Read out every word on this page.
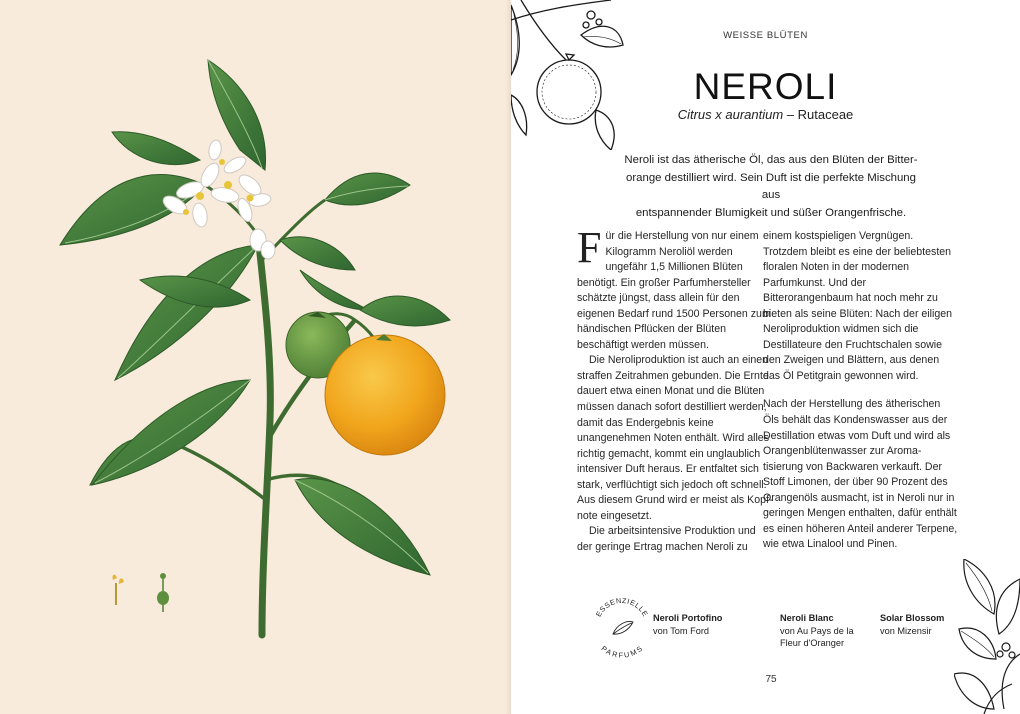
WEISSE BLÜTEN
NEROLI
Citrus x aurantium – Rutaceae
Neroli ist das ätherische Öl, das aus den Blüten der Bitter-
orange destilliert wird. Sein Duft ist die perfekte Mischung aus
entspannender Blumigkeit und süßer Orangenfrische.

Für die Herstellung von nur einem Kilogramm Neroliöl werden ungefähr 1,5 Millionen Blüten benötigt. Ein großer Parfumhersteller schätzte jüngst, dass allein für den eigenen Bedarf rund 1500 Personen zum händischen Pflücken der Blüten beschäftigt werden müssen.

Die Neroliproduktion ist auch an einen straffen Zeitrahmen gebunden. Die Ernte dauert etwa einen Monat und die Blüten müssen danach sofort destilliert werden, damit das Endergebnis keine unangenehmen Noten enthält. Wird alles richtig gemacht, kommt ein unglaublich intensiver Duft heraus. Er entfaltet sich stark, verflüchtigt sich jedoch oft schnell. Aus diesem Grund wird er meist als Kopf-note eingesetzt.

Die arbeitsintensive Produktion und der geringe Ertrag machen Neroli zu

einem kostspieligen Vergnügen. Trotzdem bleibt es eine der beliebtesten floralen Noten in der modernen Parfumkunst. Und der Bitterorangenbaum hat noch mehr zu bieten als seine Blüten: Nach der eiligen Neroliproduktion widmen sich die Destillateure den Fruchtschalen sowie den Zweigen und Blättern, aus denen das Öl Petitgrain gewonnen wird.

Nach der Herstellung des ätherischen Öls behält das Kondenswasser aus der Destillation etwas vom Duft und wird als Orangenblütenwasser zur Aroma-tisierung von Backwaren verkauft. Der Stoff Limonen, der über 90 Prozent des Orangenöls ausmacht, ist in Neroli nur in geringen Mengen enthalten, dafür enthält es einen höheren Anteil anderer Terpene, wie etwa Linalool und Pinen.

ESSENZIELLE
PARFUMS
Neroli Portofino
von Tom Ford
Neroli Blanc
von Au Pays de la
Fleur d'Oranger
Solar Blossom
von Mizensir
75
